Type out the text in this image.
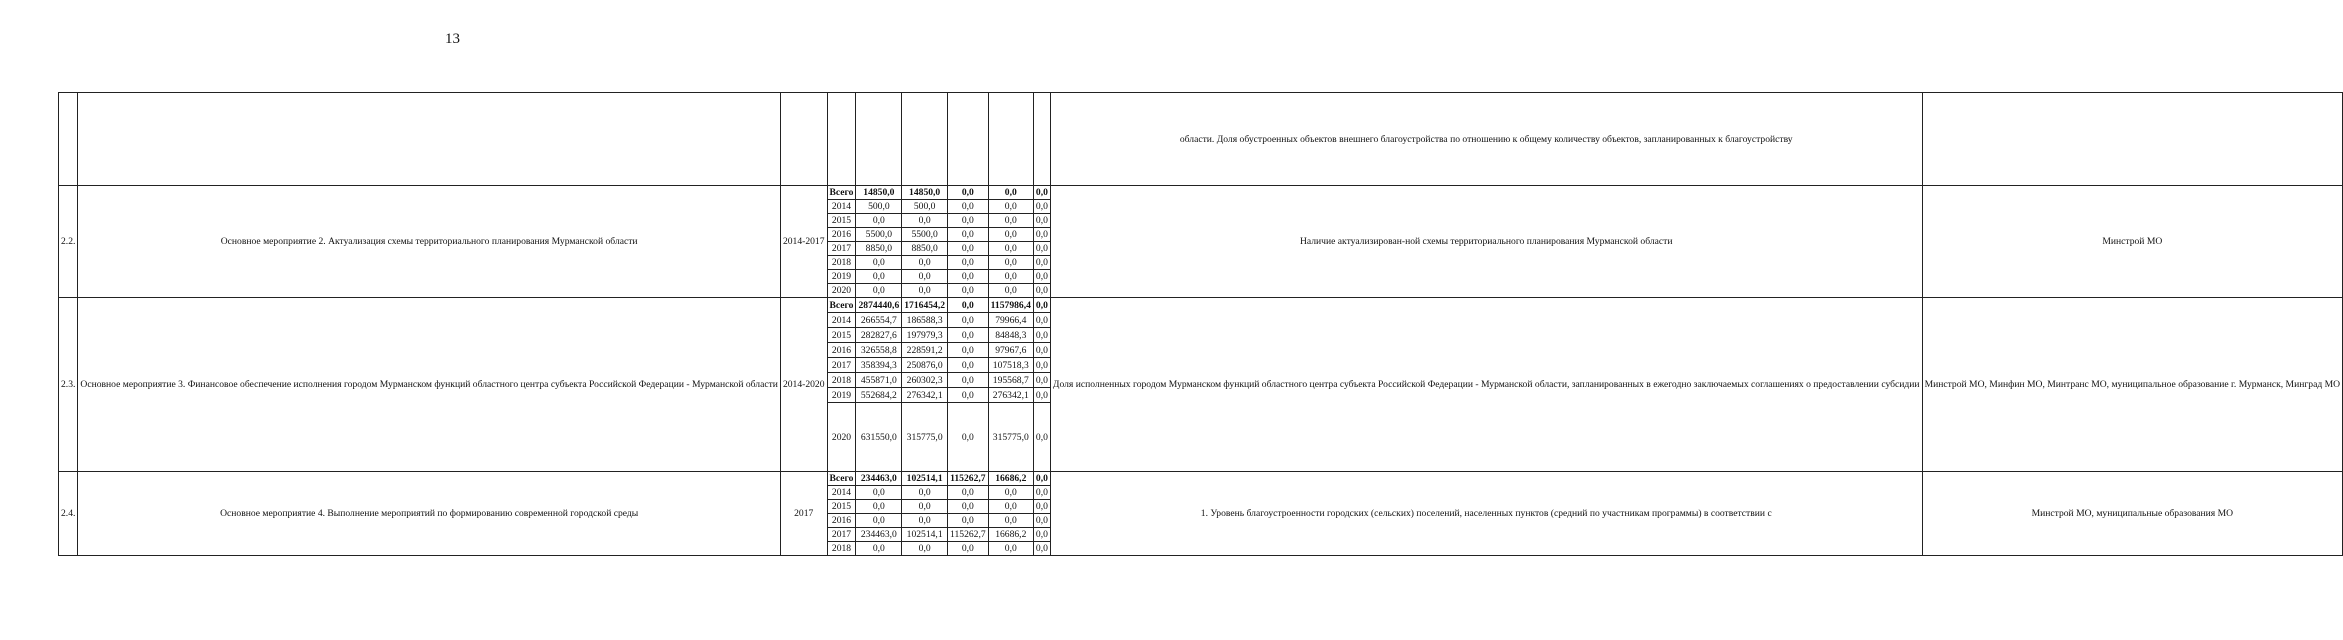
13
									области. Доля обустроенных объектов внешнего благоустройства по отношению к общему количеству объектов, запланированных к благоустройству	
2.2.	Основное мероприятие 2. Актуализация схемы территориального планирования Мурманской области	2014-2017	Всего	14850,0	14850,0	0,0	0,0	0,0	Наличие актуализирован-ной схемы территориального планирования Мурманской области	Минстрой МО
			2014	500,0	500,0	0,0	0,0	0,0		
			2015	0,0	0,0	0,0	0,0	0,0		
			2016	5500,0	5500,0	0,0	0,0	0,0		
			2017	8850,0	8850,0	0,0	0,0	0,0		
			2018	0,0	0,0	0,0	0,0	0,0		
			2019	0,0	0,0	0,0	0,0	0,0		
			2020	0,0	0,0	0,0	0,0	0,0		
2.3.	Основное мероприятие 3. Финансовое обеспечение исполнения городом Мурманском функций областного центра субъекта Российской Федерации - Мурманской области	2014-2020	Всего	2874440,6	1716454,2	0,0	1157986,4	0,0	Доля исполненных городом Мурманском функций областного центра субъекта Российской Федерации - Мурманской области, запланированных в ежегодно заключаемых соглашениях о предоставлении субсидии	Минстрой МО, Минфин МО, Минтранс МО, муниципальное образование г. Мурманск, Минград МО
			2014	266554,7	186588,3	0,0	79966,4	0,0		
			2015	282827,6	197979,3	0,0	84848,3	0,0		
			2016	326558,8	228591,2	0,0	97967,6	0,0		
			2017	358394,3	250876,0	0,0	107518,3	0,0		
			2018	455871,0	260302,3	0,0	195568,7	0,0		
			2019	552684,2	276342,1	0,0	276342,1	0,0		
			2020	631550,0	315775,0	0,0	315775,0	0,0		
2.4.	Основное мероприятие 4. Выполнение мероприятий по формированию современной городской среды	2017	Всего	234463,0	102514,1	115262,7	16686,2	0,0	1. Уровень благоустроенности городских (сельских) поселений, населенных пунктов (средний по участникам программы) в соответствии с	Минстрой МО, муниципальные образования МО
			2014	0,0	0,0	0,0	0,0	0,0		
			2015	0,0	0,0	0,0	0,0	0,0		
			2016	0,0	0,0	0,0	0,0	0,0		
			2017	234463,0	102514,1	115262,7	16686,2	0,0		
			2018	0,0	0,0	0,0	0,0	0,0		
